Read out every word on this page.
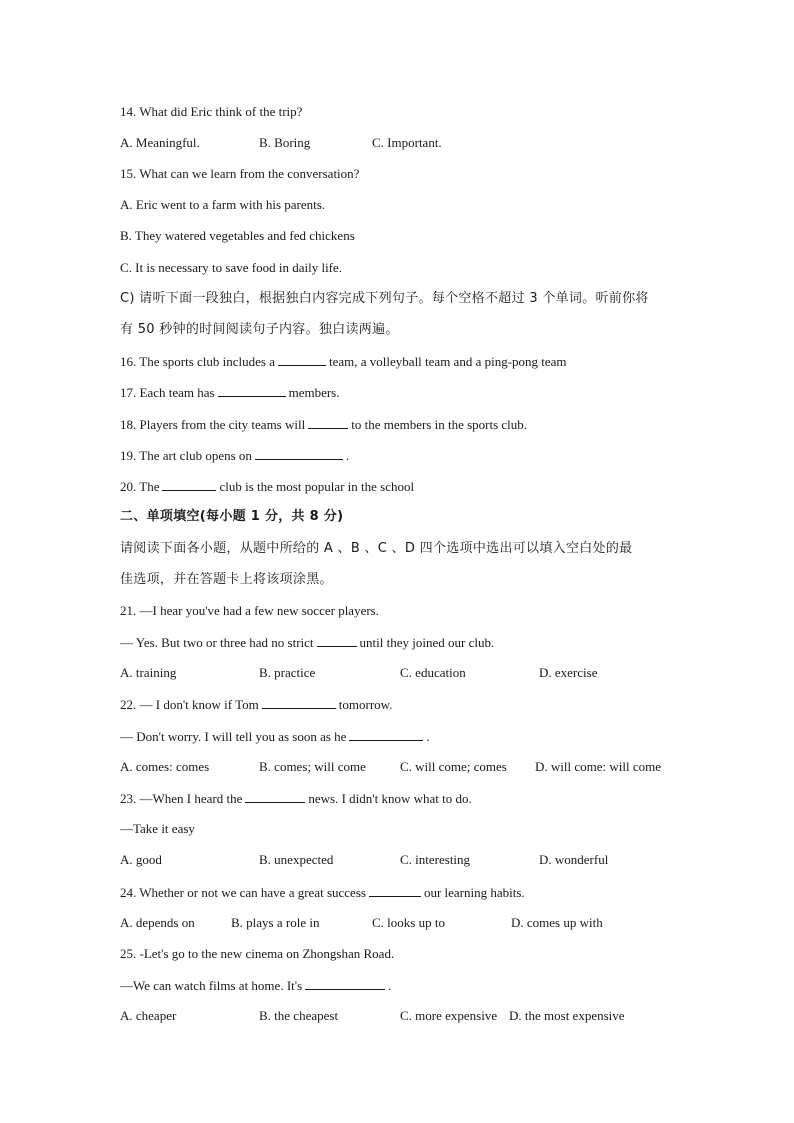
14. What did Eric think of the trip?
A. Meaningful.	B. Boring	C. Important.
15. What can we learn from the conversation?
A. Eric went to a farm with his parents.
B. They watered vegetables and fed chickens
C. It is necessary to save food in daily life.
C) 请听下面一段独白，根据独白内容完成下列句子。每个空格不超过 3 个单词。听前你将
有 50 秒钟的时间阅读句子内容。独白读两遍。
16. The sports club includes a	team, a volleyball team and a ping-pong team
17. Each team has	members.
18. Players from the city teams will	to the members in the sports club.
19. The art club opens on	.
20. The	club is the most popular in the school
二、单项填空(每小题 1 分，共 8 分)
请阅读下面各小题，从题中所给的 A 、B 、C 、D 四个选项中选出可以填入空白处的最
佳选项，并在答题卡上将该项涂黑。
21. —I hear you've had a few new soccer players.
— Yes. But two or three had no strict	until they joined our club.
A. training	B. practice	C. education	D. exercise
22. — I don't know if Tom	tomorrow.
— Don't worry. I will tell you as soon as he	.
A. comes: comes	B. comes; will come	C. will come; comes D. will come: will come
23. —When I heard the	news. I didn't know what to do.
—Take it easy
A. good	B. unexpected	C. interesting	D. wonderful
24. Whether or not we can have a great success	our learning habits.
A. depends on	B. plays a role in	C. looks up to	D. comes up with
25. -Let's go to the new cinema on Zhongshan Road.
—We can watch films at home. It's	.
A. cheaper	B. the cheapest	C. more expensive D. the most expensive
